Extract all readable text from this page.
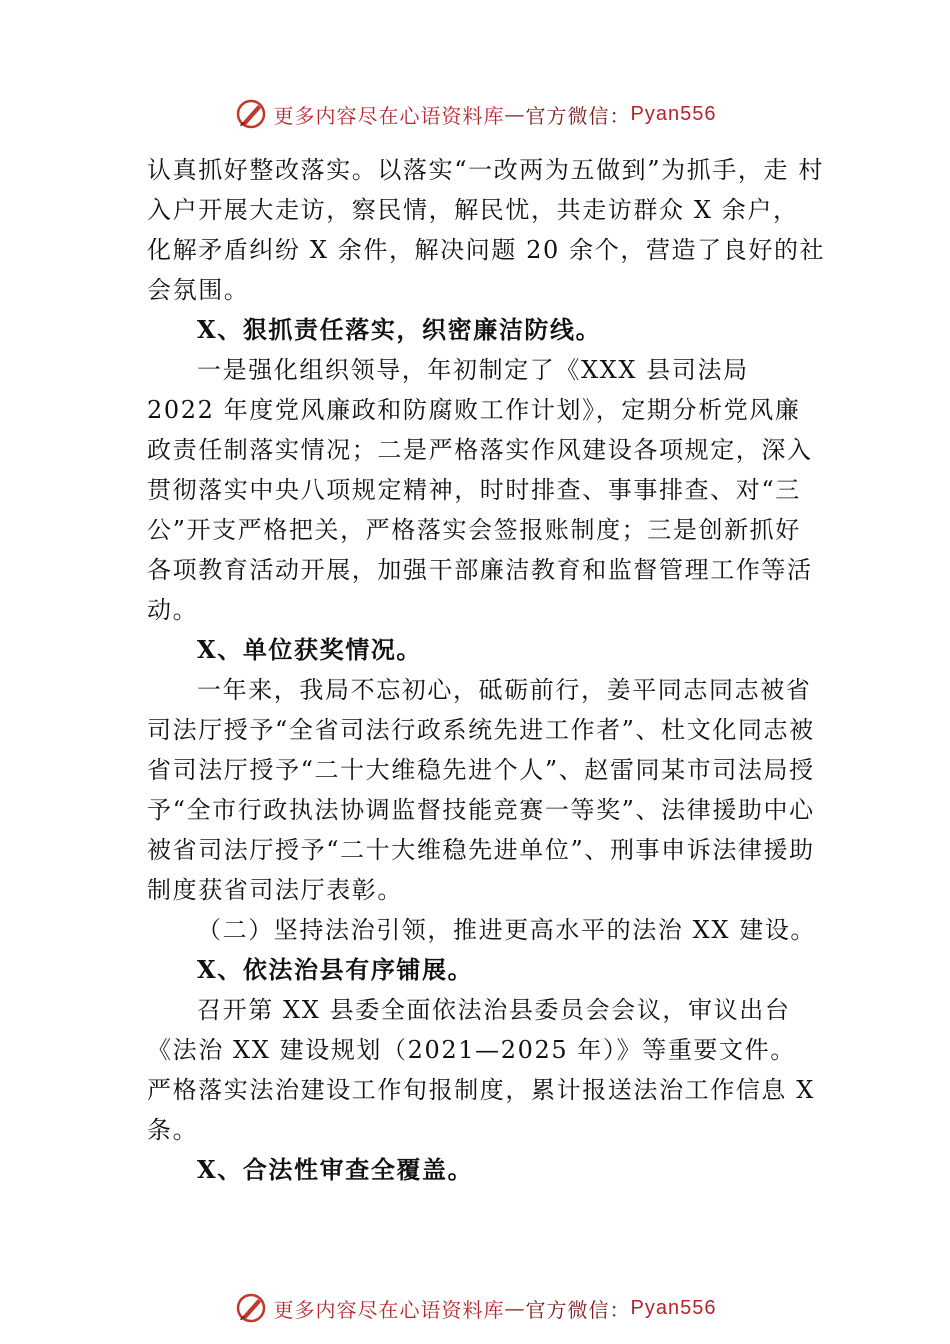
更多内容尽在心语资料库 — 官方微信： Pyan556

认真抓好整改落实。以落实“一改两为五做到”为抓手，走 村

入户开展大走访，察民情，解民忧，共走访群众 X 余户，

化解矛盾纠纷 X 余件，解决问题 20 余个，营造了良好的社

会氛围。

X、狠抓责任落实，织密廉洁防线。

一是强化组织领导，年初制定了《XXX 县司法局 2022 年度党风廉政和防腐败工作计划》，定期分析党风廉政责任制落实情况；二是严格落实作风建设各项规定，深入贯彻落实中央八项规定精神，时时排查、事事排查、对“三公”开支严格把关，严格落实会签报账制度；三是创新抓好各项教育活动开展，加强干部廉洁教育和监督管理工作等活动。

X、单位获奖情况。

一年来，我局不忘初心，砥砺前行，姜平同志同志被省司法厅授予“全省司法行政系统先进工作者”、杜文化同志被省司法厅授予“二十大维稳先进个人”、赵雷同某市司法局授予“全市行政执法协调监督技能竞赛一等奖”、法律援助中心被省司法厅授予“二十大维稳先进单位”、刑事申诉法律援助制度获省司法厅表彰。

（二）坚持法治引领，推进更高水平的法治 XX 建设。

X、依法治县有序铺展。

召开第 XX 县委全面依法治县委员会会议，审议出台《法治 XX 建设规划（2021—2025 年）》等重要文件。严格落实法治建设工作旬报制度，累计报送法治工作信息 X 条。

X、合法性审查全覆盖。

更多内容尽在心语资料库 — 官方微信： Pyan556
